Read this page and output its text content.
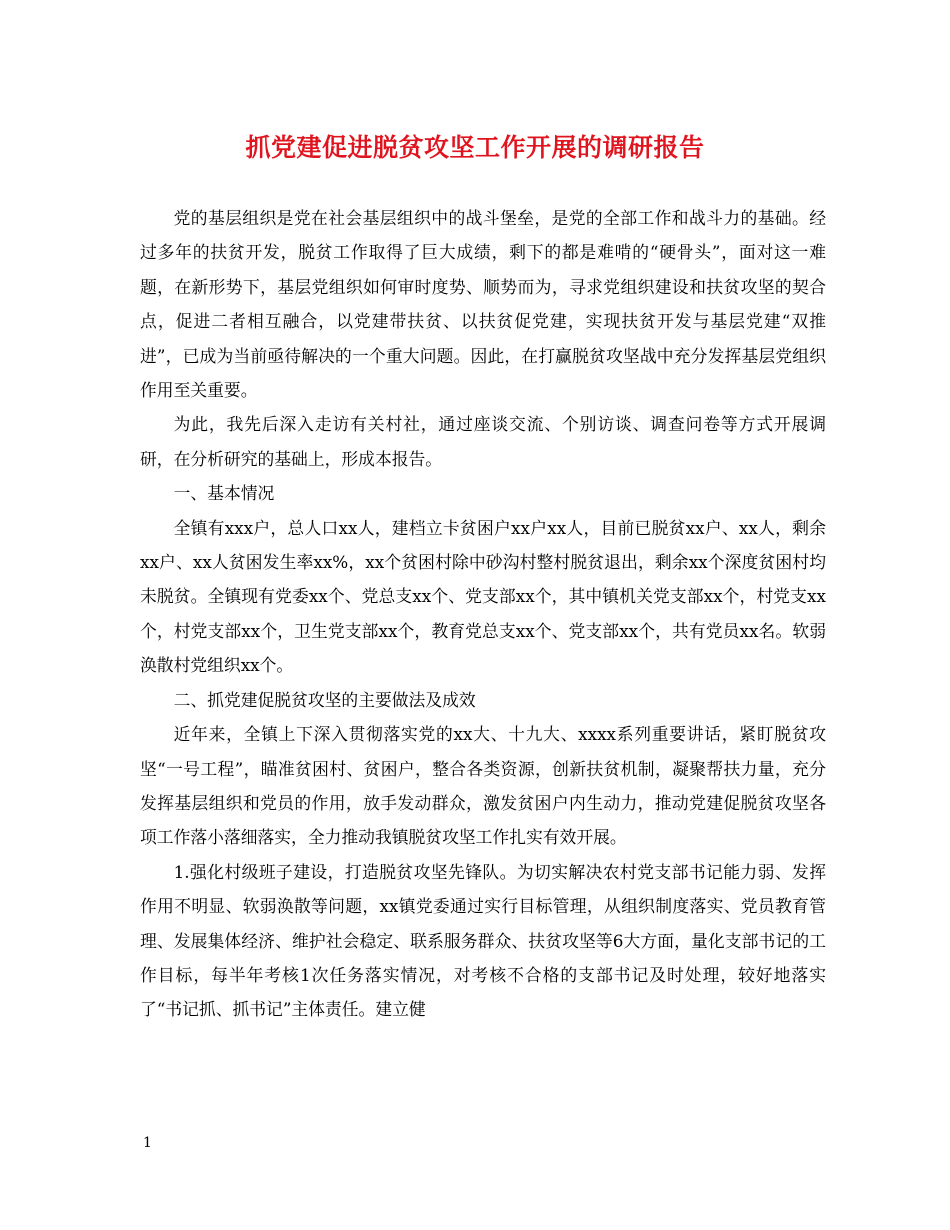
抓党建促进脱贫攻坚工作开展的调研报告

党的基层组织是党在社会基层组织中的战斗堡垒，是党的全部工作和战斗力的基础。经过多年的扶贫开发，脱贫工作取得了巨大成绩，剩下的都是难啃的“硬骨头”，面对这一难题，在新形势下，基层党组织如何审时度势、顺势而为，寻求党组织建设和扶贫攻坚的契合点，促进二者相互融合，以党建带扶贫、以扶贫促党建，实现扶贫开发与基层党建“双推进”，已成为当前亟待解决的一个重大问题。因此，在打赢脱贫攻坚战中充分发挥基层党组织作用至关重要。

为此，我先后深入走访有关村社，通过座谈交流、个别访谈、调查问卷等方式开展调研，在分析研究的基础上，形成本报告。

一、基本情况

全镇有xxx户，总人口xx人，建档立卡贫困户xx户xx人，目前已脱贫xx户、xx人，剩余xx户、xx人贫困发生率xx%，xx个贫困村除中砂沟村整村脱贫退出，剩余xx个深度贫困村均未脱贫。全镇现有党委xx个、党总支xx个、党支部xx个，其中镇机关党支部xx个，村党支xx个，村党支部xx个，卫生党支部xx个，教育党总支xx个、党支部xx个，共有党员xx名。软弱涣散村党组织xx个。

二、抓党建促脱贫攻坚的主要做法及成效

近年来，全镇上下深入贯彻落实党的xx大、十九大、xxxx系列重要讲话，紧盯脱贫攻坚“一号工程”，瞄准贫困村、贫困户，整合各类资源，创新扶贫机制，凝聚帮扶力量，充分发挥基层组织和党员的作用，放手发动群众，激发贫困户内生动力，推动党建促脱贫攻坚各项工作落小落细落实，全力推动我镇脱贫攻坚工作扎实有效开展。

1.强化村级班子建设，打造脱贫攻坚先锋队。为切实解决农村党支部书记能力弱、发挥作用不明显、软弱涣散等问题，xx镇党委通过实行目标管理，从组织制度落实、党员教育管理、发展集体经济、维护社会稳定、联系服务群众、扶贫攻坚等6大方面，量化支部书记的工作目标，每半年考核1次任务落实情况，对考核不合格的支部书记及时处理，较好地落实了“书记抓、抓书记”主体责任。建立健

1
